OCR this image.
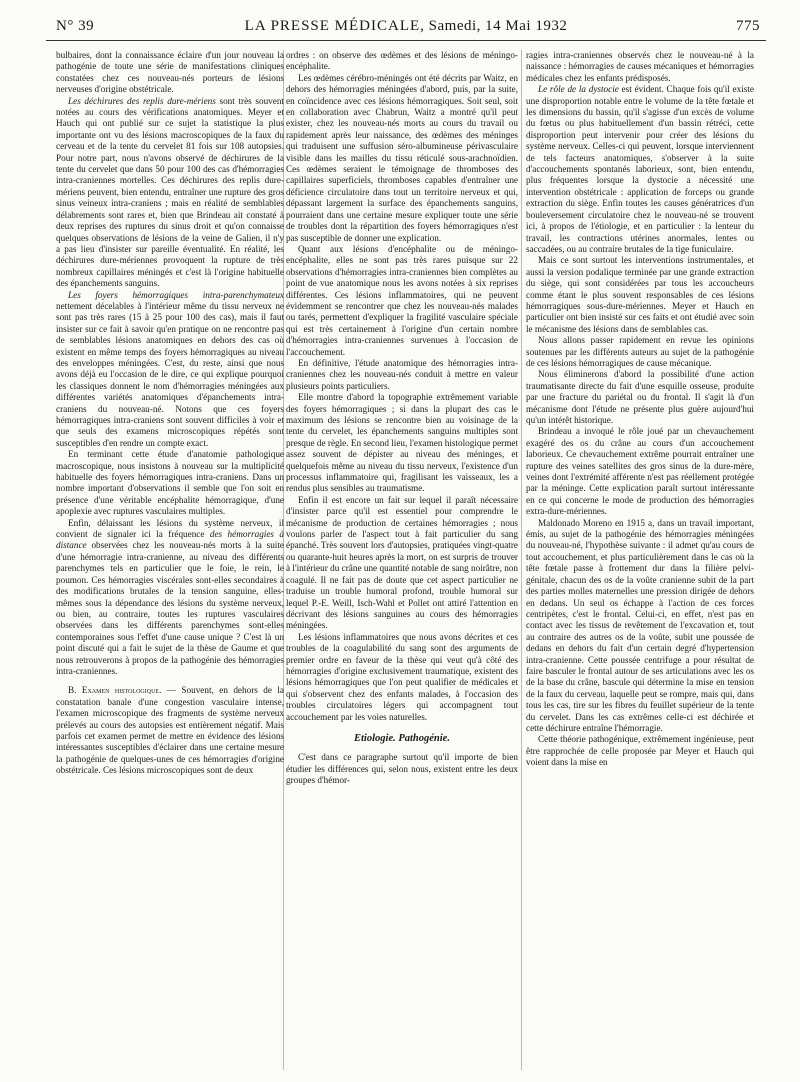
N° 39	LA PRESSE MÉDICALE, Samedi, 14 Mai 1932	775

bulbaires, dont la connaissance éclaire d'un jour nouveau la pathogénie de toute une série de manifestations cliniques constatées chez ces nouveau-nés porteurs de lésions nerveuses d'origine obstétricale.

Les déchirures des replis dure-mériens sont très souvent notées au cours des vérifications anatomiques. Meyer et Hauch qui ont publié sur ce sujet la statistique la plus importante ont vu des lésions macroscopiques de la faux du cerveau et de la tente du cervelet 81 fois sur 108 autopsies. Pour notre part, nous n'avons observé de déchirures de la tente du cervelet que dans 50 pour 100 des cas d'hémorragies intra-craniennes mortelles. Ces déchirures des replis dure-mériens peuvent, bien entendu, entraîner une rupture des gros sinus veineux intra-craniens ; mais en réalité de semblables délabrements sont rares et, bien que Brindeau ait constaté à deux reprises des ruptures du sinus droit et qu'on connaisse quelques observations de lésions de la veine de Galien, il n'y a pas lieu d'insister sur pareille éventualité. En réalité, les déchirures dure-mériennes provoquent la rupture de très nombreux capillaires méningés et c'est là l'origine habituelle des épanchements sanguins.

Les foyers hémorragiques intra-parenchymateux nettement décelables à l'intérieur même du tissu nerveux ne sont pas très rares (15 à 25 pour 100 des cas), mais il faut insister sur ce fait à savoir qu'en pratique on ne rencontre pas de semblables lésions anatomiques en dehors des cas où existent en même temps des foyers hémorragiques au niveau des enveloppes méningées. C'est, du reste, ainsi que nous avons déjà eu l'occasion de le dire, ce qui explique pourquoi les classiques donnent le nom d'hémorragies méningées aux différentes variétés anatomiques d'épanchements intra-craniens du nouveau-né. Notons que ces foyers hémorragiques intra-craniens sont souvent difficiles à voir et que seuls des examens microscopiques répétés sont susceptibles d'en rendre un compte exact.

En terminant cette étude d'anatomie pathologique macroscopique, nous insistons à nouveau sur la multiplicité habituelle des foyers hémorragiques intra-craniens. Dans un nombre important d'observations il semble que l'on soit en présence d'une véritable encéphalite hémorragique, d'une apoplexie avec ruptures vasculaires multiples.

Enfin, délaissant les lésions du système nerveux, il convient de signaler ici la fréquence des hémorragies à distance observées chez les nouveau-nés morts à la suite d'une hémorragie intra-cranienne, au niveau des différents parenchymes tels en particulier que le foie, le rein, le poumon. Ces hémorragies viscérales sont-elles secondaires à des modifications brutales de la tension sanguine, elles-mêmes sous la dépendance des lésions du système nerveux, ou bien, au contraire, toutes les ruptures vasculaires observées dans les différents parenchymes sont-elles contemporaines sous l'effet d'une cause unique ? C'est là un point discuté qui a fait le sujet de la thèse de Gaume et que nous retrouverons à propos de la pathogénie des hémorragies intra-craniennes.

B. Examen histologique. — Souvent, en dehors de la constatation banale d'une congestion vasculaire intense, l'examen microscopique des fragments de système nerveux prélevés au cours des autopsies est entièrement négatif. Mais parfois cet examen permet de mettre en évidence des lésions intéressantes susceptibles d'éclairer dans une certaine mesure la pathogénie de quelques-unes de ces hémorragies d'origine obstétricale. Ces lésions microscopiques sont de deux

ordres : on observe des œdèmes et des lésions de méningo-encéphalite.

Les œdèmes cérébro-méningés ont été décrits par Waitz, en dehors des hémorragies méningées d'abord, puis, par la suite, en coïncidence avec ces lésions hémorragiques. Soit seul, soit en collaboration avec Chabrun, Waitz a montré qu'il peut exister, chez les nouveau-nés morts au cours du travail ou rapidement après leur naissance, des œdèmes des méninges qui traduisent une suffusion séro-albumineuse périvasculaire visible dans les mailles du tissu réticulé sous-arachnoïdien. Ces œdèmes seraient le témoignage de thromboses des capillaires superficiels, thromboses capables d'entraîner une déficience circulatoire dans tout un territoire nerveux et qui, dépassant largement la surface des épanchements sanguins, pourraient dans une certaine mesure expliquer toute une série de troubles dont la répartition des foyers hémorragiques n'est pas susceptible de donner une explication.

Quant aux lésions d'encéphalite ou de méningo-encéphalite, elles ne sont pas très rares puisque sur 22 observations d'hémorragies intra-craniennes bien complètes au point de vue anatomique nous les avons notées à six reprises différentes. Ces lésions inflammatoires, qui ne peuvent évidemment se rencontrer que chez les nouveau-nés malades ou tarés, permettent d'expliquer la fragilité vasculaire spéciale qui est très certainement à l'origine d'un certain nombre d'hémorragies intra-craniennes survenues à l'occasion de l'accouchement.

En définitive, l'étude anatomique des hémorragies intra-craniennes chez les nouveau-nés conduit à mettre en valeur plusieurs points particuliers.

Elle montre d'abord la topographie extrêmement variable des foyers hémorragiques ; si dans la plupart des cas le maximum des lésions se rencontre bien au voisinage de la tente du cervelet, les épanchements sanguins multiples sont presque de règle. En second lieu, l'examen histologique permet assez souvent de dépister au niveau des méninges, et quelquefois même au niveau du tissu nerveux, l'existence d'un processus inflammatoire qui, fragilisant les vaisseaux, les a rendus plus sensibles au traumatisme.

Enfin il est encore un fait sur lequel il paraît nécessaire d'insister parce qu'il est essentiel pour comprendre le mécanisme de production de certaines hémorragies ; nous voulons parler de l'aspect tout à fait particulier du sang épanché. Très souvent lors d'autopsies, pratiquées vingt-quatre ou quarante-huit heures après la mort, on est surpris de trouver à l'intérieur du crâne une quantité notable de sang noirâtre, non coagulé. Il ne fait pas de doute que cet aspect particulier ne traduise un trouble humoral profond, trouble humoral sur lequel P.-E. Weill, Isch-Wahl et Pollet ont attiré l'attention en décrivant des lésions sanguines au cours des hémorragies méningées.

Les lésions inflammatoires que nous avons décrites et ces troubles de la coagulabilité du sang sont des arguments de premier ordre en faveur de la thèse qui veut qu'à côté des hémorragies d'origine exclusivement traumatique, existent des lésions hémorragiques que l'on peut qualifier de médicales et qui s'observent chez des enfants malades, à l'occasion des troubles circulatoires légers qui accompagnent tout accouchement par les voies naturelles.

Etiologie. Pathogénie.

C'est dans ce paragraphe surtout qu'il importe de bien étudier les différences qui, selon nous, existent entre les deux groupes d'hémor-

ragies intra-craniennes observés chez le nouveau-né à la naissance : hémorragies de causes mécaniques et hémorragies médicales chez les enfants prédisposés.

Le rôle de la dystocie est évident. Chaque fois qu'il existe une disproportion notable entre le volume de la tête fœtale et les dimensions du bassin, qu'il s'agisse d'un excès de volume du fœtus ou plus habituellement d'un bassin rétréci, cette disproportion peut intervenir pour créer des lésions du système nerveux. Celles-ci qui peuvent, lorsque interviennent de tels facteurs anatomiques, s'observer à la suite d'accouchements spontanés laborieux, sont, bien entendu, plus fréquentes lorsque la dystocie a nécessité une intervention obstétricale : application de forceps ou grande extraction du siège. Enfin toutes les causes génératrices d'un bouleversement circulatoire chez le nouveau-né se trouvent ici, à propos de l'étiologie, et en particulier : la lenteur du travail, les contractions utérines anormales, lentes ou saccadées, ou au contraire brutales de la tige funiculaire.

Mais ce sont surtout les interventions instrumentales, et aussi la version podalique terminée par une grande extraction du siège, qui sont considérées par tous les accoucheurs comme étant le plus souvent responsables de ces lésions hémorragiques sous-dure-mériennes. Meyer et Hauch en particulier ont bien insisté sur ces faits et ont étudié avec soin le mécanisme des lésions dans de semblables cas.

Nous allons passer rapidement en revue les opinions soutenues par les différents auteurs au sujet de la pathogénie de ces lésions hémorragiques de cause mécanique.

Nous éliminerons d'abord la possibilité d'une action traumatisante directe du fait d'une esquille osseuse, produite par une fracture du pariétal ou du frontal. Il s'agit là d'un mécanisme dont l'étude ne présente plus guère aujourd'hui qu'un intérêt historique.

Brindeau a invoqué le rôle joué par un chevauchement exagéré des os du crâne au cours d'un accouchement laborieux. Ce chevauchement extrême pourrait entraîner une rupture des veines satellites des gros sinus de la dure-mère, veines dont l'extrémité afférente n'est pas réellement protégée par la méninge. Cette explication paraît surtout intéressante en ce qui concerne le mode de production des hémorragies extra-dure-mériennes.

Maldonado Moreno en 1915 a, dans un travail important, émis, au sujet de la pathogénie des hémorragies méningées du nouveau-né, l'hypothèse suivante : il admet qu'au cours de tout accouchement, et plus particulièrement dans le cas où la tête fœtale passe à frottement dur dans la filière pelvi-génitale, chacun des os de la voûte cranienne subit de la part des parties molles maternelles une pression dirigée de dehors en dedans. Un seul os échappe à l'action de ces forces centripètes, c'est le frontal. Celui-ci, en effet, n'est pas en contact avec les tissus de revêtement de l'excavation et, tout au contraire des autres os de la voûte, subit une poussée de dedans en dehors du fait d'un certain degré d'hypertension intra-cranienne. Cette poussée centrifuge a pour résultat de faire basculer le frontal autour de ses articulations avec les os de la base du crâne, bascule qui détermine la mise en tension de la faux du cerveau, laquelle peut se rompre, mais qui, dans tous les cas, tire sur les fibres du feuillet supérieur de la tente du cervelet. Dans les cas extrêmes celle-ci est déchirée et cette déchirure entraîne l'hémorragie.

Cette théorie pathogénique, extrêmement ingénieuse, peut être rapprochée de celle proposée par Meyer et Hauch qui voient dans la mise en
